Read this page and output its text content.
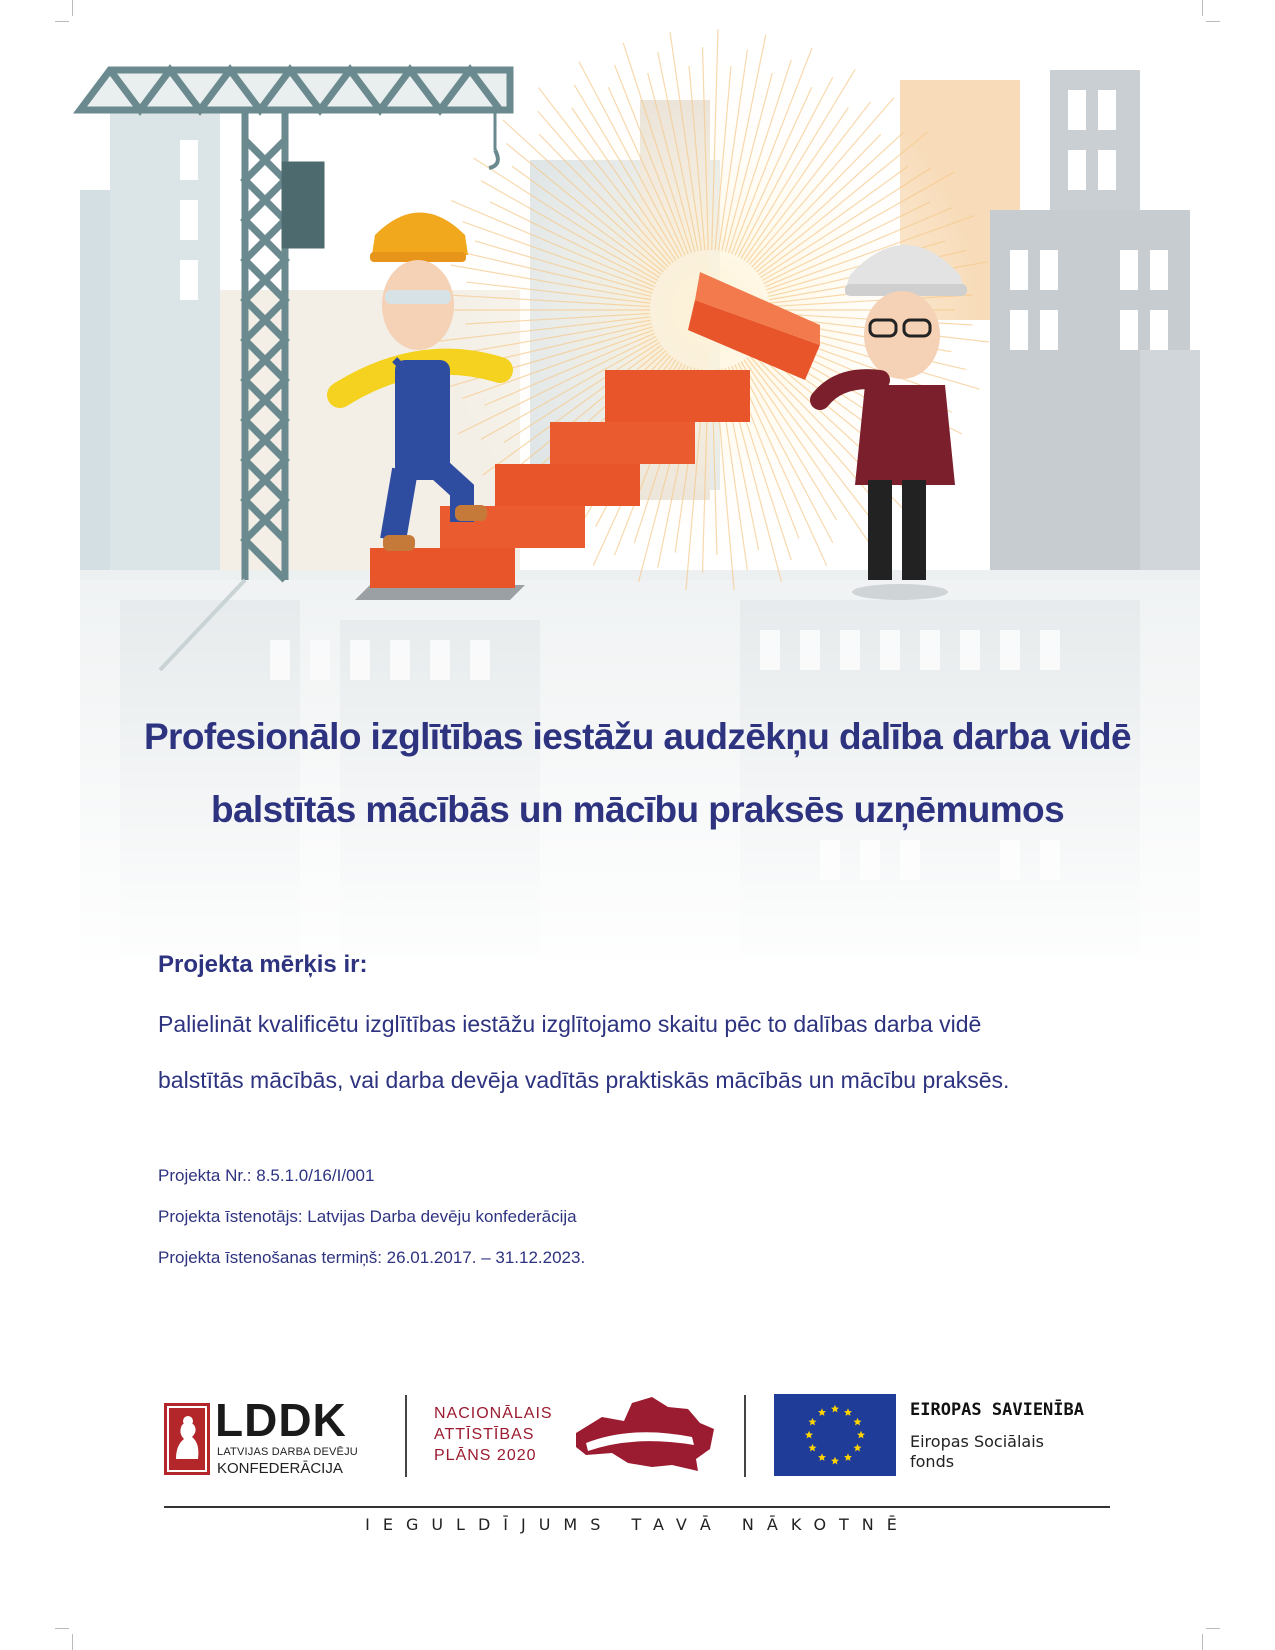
Profesionālo izglītības iestāžu audzēkņu dalība darba vidē
balstītās mācībās un mācību praksēs uzņēmumos
Projekta mērķis ir:
Palielināt kvalificētu izglītības iestāžu izglītojamo skaitu pēc to dalības darba vidē
balstītās mācībās, vai darba devēja vadītās praktiskās mācībās un mācību praksēs.
Projekta Nr.: 8.5.1.0/16/I/001
Projekta īstenotājs: Latvijas Darba devēju konfederācija
Projekta īstenošanas termiņš: 26.01.2017. – 31.12.2023.
LDDK
LATVIJAS DARBA DEVĒJU
KONFEDERĀCIJA
NACIONĀLAIS
ATTĪSTĪBAS
PLĀNS 2020
EIROPAS SAVIENĪBA
Eiropas Sociālais
fonds
IEGULDĪJUMS TAVĀ NĀKOTNĒ
